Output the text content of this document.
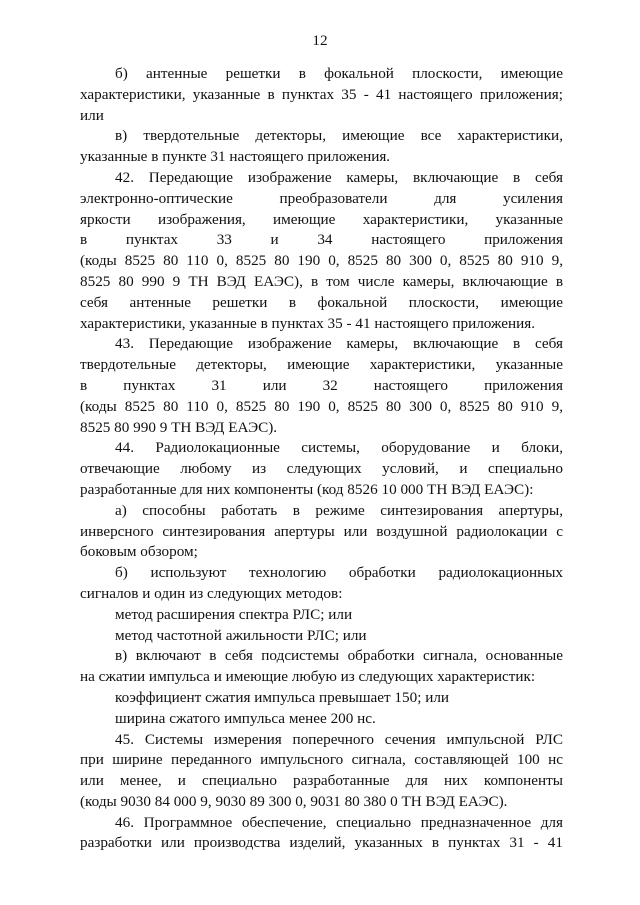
12
б) антенные решетки в фокальной плоскости, имеющие
характеристики, указанные в пунктах 35 - 41 настоящего приложения;
или
в) твердотельные детекторы, имеющие все характеристики,
указанные в пункте 31 настоящего приложения.
42. Передающие изображение камеры, включающие в себя
электронно-оптические преобразователи для усиления
яркости изображения, имеющие характеристики, указанные
в пунктах 33 и 34 настоящего приложения
(коды 8525 80 110 0, 8525 80 190 0, 8525 80 300 0, 8525 80 910 9,
8525 80 990 9 ТН ВЭД ЕАЭС), в том числе камеры, включающие в
себя антенные решетки в фокальной плоскости, имеющие
характеристики, указанные в пунктах 35 - 41 настоящего приложения.
43. Передающие изображение камеры, включающие в себя
твердотельные детекторы, имеющие характеристики, указанные
в пунктах 31 или 32 настоящего приложения
(коды 8525 80 110 0, 8525 80 190 0, 8525 80 300 0, 8525 80 910 9,
8525 80 990 9 ТН ВЭД ЕАЭС).
44. Радиолокационные системы, оборудование и блоки,
отвечающие любому из следующих условий, и специально
разработанные для них компоненты (код 8526 10 000 ТН ВЭД ЕАЭС):
а) способны работать в режиме синтезирования апертуры,
инверсного синтезирования апертуры или воздушной радиолокации с
боковым обзором;
б) используют технологию обработки радиолокационных
сигналов и один из следующих методов:
метод расширения спектра РЛС; или
метод частотной ажильности РЛС; или
в) включают в себя подсистемы обработки сигнала, основанные
на сжатии импульса и имеющие любую из следующих характеристик:
коэффициент сжатия импульса превышает 150; или
ширина сжатого импульса менее 200 нс.
45. Системы измерения поперечного сечения импульсной РЛС
при ширине переданного импульсного сигнала, составляющей 100 нс
или менее, и специально разработанные для них компоненты
(коды 9030 84 000 9, 9030 89 300 0, 9031 80 380 0 ТН ВЭД ЕАЭС).
46. Программное обеспечение, специально предназначенное для
разработки или производства изделий, указанных в пунктах 31 - 41
